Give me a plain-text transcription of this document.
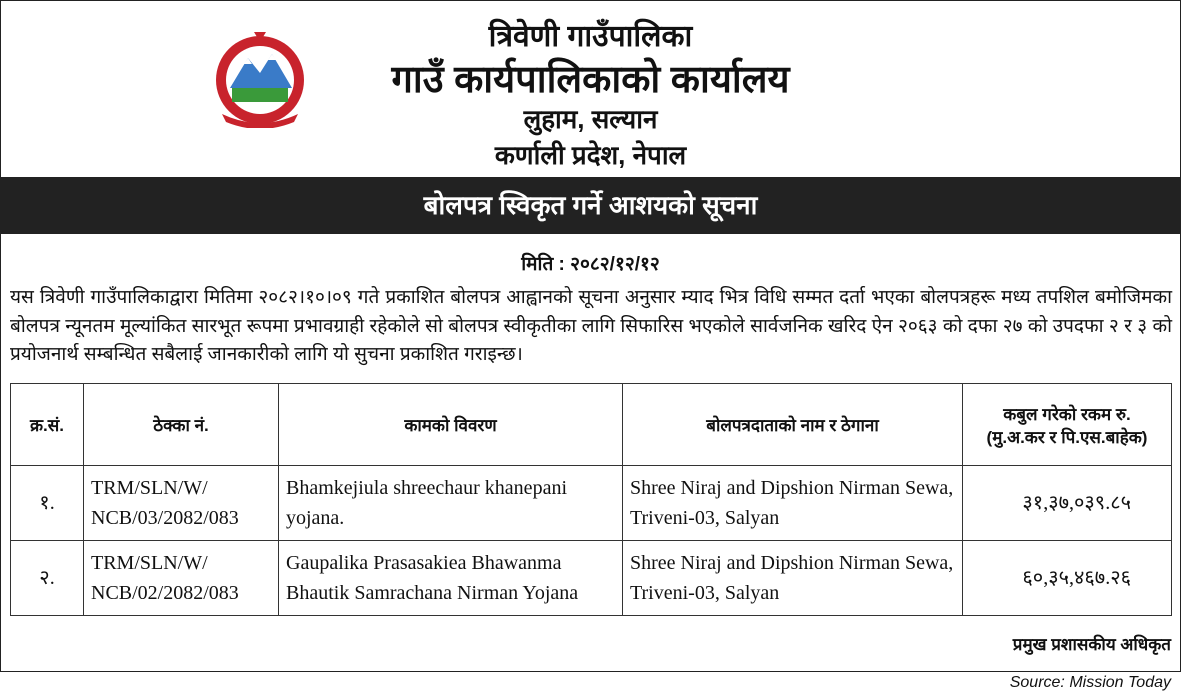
त्रिवेणी गाउँपालिका
गाउँ कार्यपालिकाको कार्यालय
लुहाम, सल्यान
कर्णाली प्रदेश, नेपाल
बोलपत्र स्विकृत गर्ने आशयको सूचना
मिति : २०८२/१२/१२
यस त्रिवेणी गाउँपालिकाद्वारा मितिमा २०८२।१०।०९ गते प्रकाशित बोलपत्र आह्वानको सूचना अनुसार म्याद भित्र विधि सम्मत दर्ता भएका बोलपत्रहरू मध्य तपशिल बमोजिमका बोलपत्र न्यूनतम मूल्यांकित सारभूत रूपमा प्रभावग्राही रहेकोले सो बोलपत्र स्वीकृतीका लागि सिफारिस भएकोले सार्वजनिक खरिद ऐन २०६३ को दफा २७ को उपदफा २ र ३ को प्रयोजनार्थ सम्बन्धित सबैलाई जानकारीको लागि यो सुचना प्रकाशित गराइन्छ।
क्र.सं.	ठेक्का नं.	कामको विवरण	बोलपत्रदाताको नाम र ठेगाना	कबुल गरेको रकम रु.
(मु.अ.कर र पि.एस.बाहेक)

१.	TRM/SLN/W/ NCB/03/2082/083	Bhamkejiula shreechaur khanepani yojana.	Shree Niraj and Dipshion Nirman Sewa, Triveni-03, Salyan	३१,३७,०३९.८५
२.	TRM/SLN/W/ NCB/02/2082/083	Gaupalika Prasasakiea Bhawanma Bhautik Samrachana Nirman Yojana	Shree Niraj and Dipshion Nirman Sewa, Triveni-03, Salyan	६०,३५,४६७.२६
प्रमुख प्रशासकीय अधिकृत
Source: Mission Today
